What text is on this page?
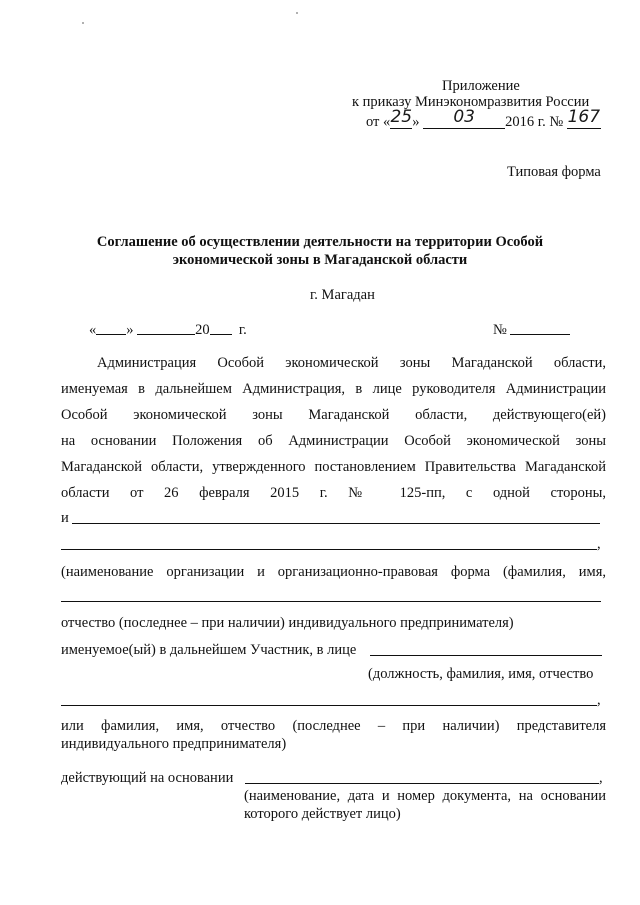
Приложение
к приказу Минэкономразвития России
от «25» 03 2016 г. № 167
Типовая форма
Соглашение об осуществлении деятельности на территории Особой
экономической зоны в Магаданской области
г. Магадан
« »	20 г.	№
Администрация Особой экономической зоны Магаданской области,
именуемая в дальнейшем Администрация, в лице руководителя Администрации
Особой экономической зоны Магаданской области, действующего(ей)
на основании Положения об Администрации Особой экономической зоны
Магаданской области, утвержденного постановлением Правительства Магаданской
области от 26 февраля 2015 г. № 125-пп, с одной стороны,
и
,
(наименование организации и организационно-правовая форма (фамилия, имя,
отчество (последнее – при наличии) индивидуального предпринимателя)
именуемое(ый) в дальнейшем Участник, в лице
(должность, фамилия, имя, отчество
,
или фамилия, имя, отчество (последнее – при наличии) представителя
индивидуального предпринимателя)
действующий на основании	,
(наименование, дата и номер документа, на основании
которого действует лицо)
